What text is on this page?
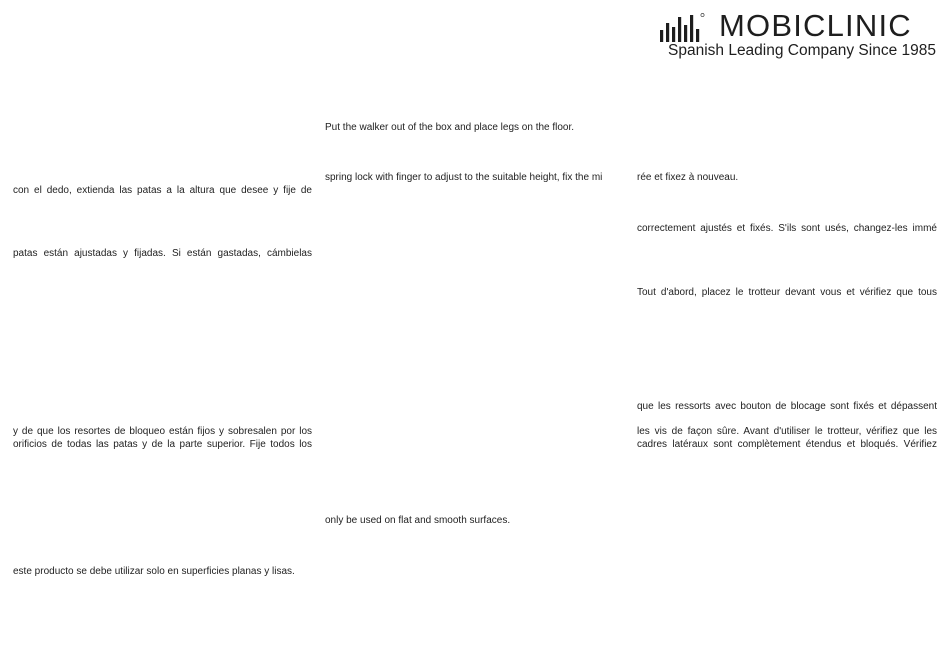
MOBICLINIC
Spanish Leading Company Since 1985
con el dedo, extienda las patas a la altura que desee y fije de
patas están ajustadas y fijadas. Si están gastadas, cámbielas
y de que los resortes de bloqueo están fijos y sobresalen por los
orificios de todas las patas y de la parte superior. Fije todos los
este producto se debe utilizar solo en superficies planas y lisas.
Put the walker out of the box and place legs on the floor.
spring lock with finger to adjust to the suitable height, fix the mi
only be used on flat and smooth surfaces.
rée et fixez à nouveau.
correctement ajustés et fixés. S'ils sont usés, changez-les immé
Tout d'abord, placez le trotteur devant vous et vérifiez que tous
que les ressorts avec bouton de blocage sont fixés et dépassent
les vis de façon sûre. Avant d'utiliser le trotteur, vérifiez que les
cadres latéraux sont complètement étendus et bloqués. Vérifiez
